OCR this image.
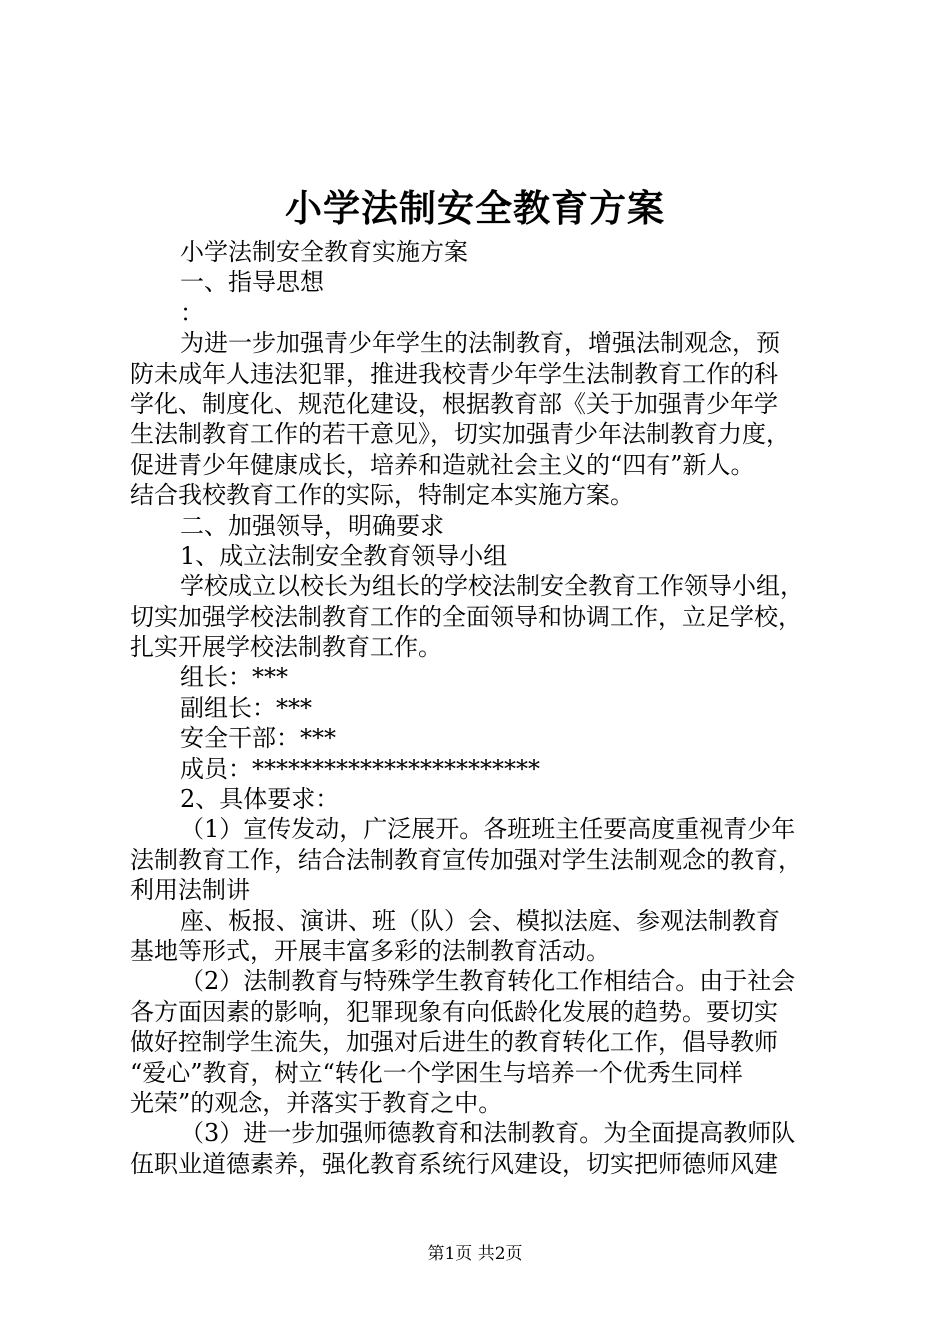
小学法制安全教育方案
小学法制安全教育实施方案
一、指导思想
：
为进一步加强青少年学生的法制教育，增强法制观念，预
防未成年人违法犯罪，推进我校青少年学生法制教育工作的科
学化、制度化、规范化建设，根据教育部《关于加强青少年学
生法制教育工作的若干意见》，切实加强青少年法制教育力度，
促进青少年健康成长，培养和造就社会主义的“四有”新人。
结合我校教育工作的实际，特制定本实施方案。
二、加强领导，明确要求
1、成立法制安全教育领导小组
学校成立以校长为组长的学校法制安全教育工作领导小组，
切实加强学校法制教育工作的全面领导和协调工作，立足学校，
扎实开展学校法制教育工作。
组长：***
副组长：***
安全干部：***
成员：************************
2、具体要求：
（1）宣传发动，广泛展开。各班班主任要高度重视青少年
法制教育工作，结合法制教育宣传加强对学生法制观念的教育，
利用法制讲
座、板报、演讲、班（队）会、模拟法庭、参观法制教育
基地等形式，开展丰富多彩的法制教育活动。
（2）法制教育与特殊学生教育转化工作相结合。由于社会
各方面因素的影响，犯罪现象有向低龄化发展的趋势。要切实
做好控制学生流失，加强对后进生的教育转化工作，倡导教师
“爱心”教育，树立“转化一个学困生与培养一个优秀生同样
光荣”的观念，并落实于教育之中。
（3）进一步加强师德教育和法制教育。为全面提高教师队
伍职业道德素养，强化教育系统行风建设，切实把师德师风建
第1页 共2页
